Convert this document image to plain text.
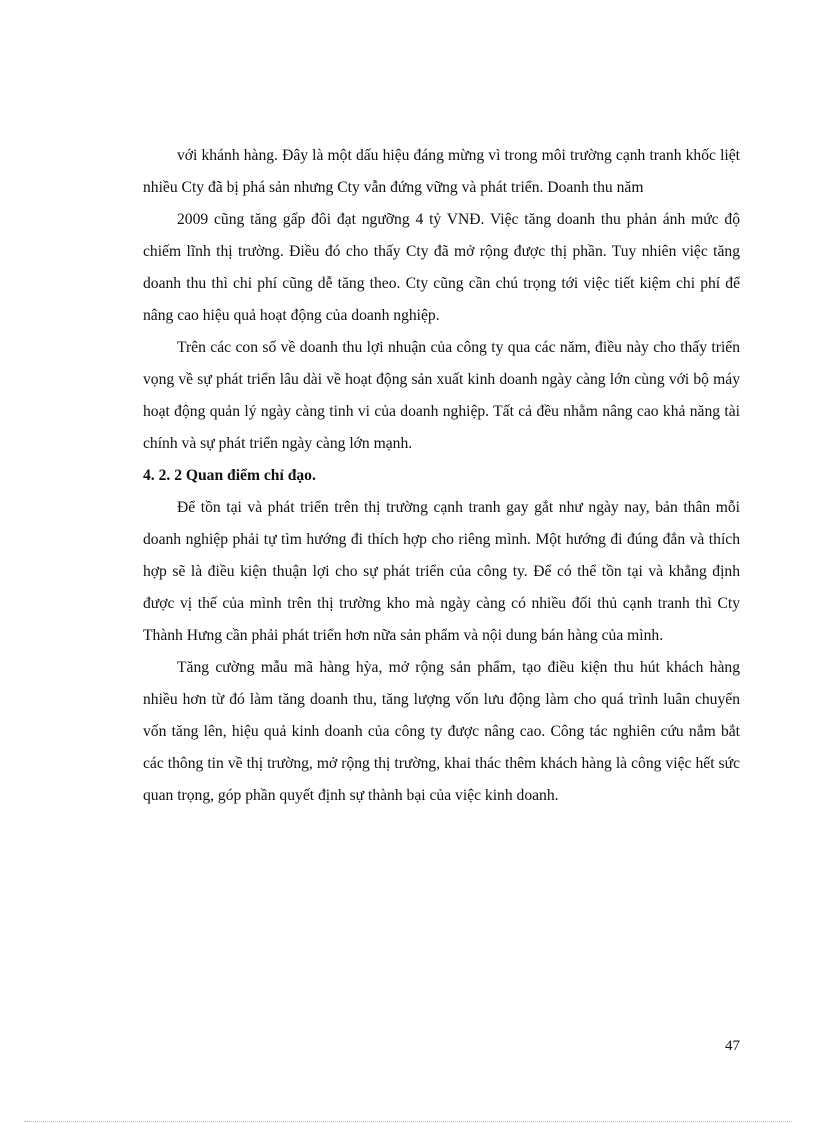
với khánh hàng. Đây là một dấu hiệu đáng mừng vì trong môi trường cạnh tranh khốc liệt nhiều Cty đã bị phá sản nhưng Cty vẫn đứng vững và phát triển. Doanh thu năm

2009 cũng tăng gấp đôi đạt ngưỡng 4 tỷ VNĐ. Việc tăng doanh thu phản ánh mức độ chiếm lĩnh thị trường. Điều đó cho thấy Cty đã mở rộng được thị phần. Tuy nhiên việc tăng doanh thu thì chi phí cũng dễ tăng theo. Cty cũng cần chú trọng tới việc tiết kiệm chi phí để nâng cao hiệu quả hoạt động của doanh nghiệp.

Trên các con số về doanh thu lợi nhuận của công ty qua các năm, điều này cho thấy triển vọng về sự phát triển lâu dài về hoạt động sản xuất kinh doanh ngày càng lớn cùng với bộ máy hoạt động quản lý ngày càng tinh vi của doanh nghiệp. Tất cả đều nhằm nâng cao khả năng tài chính và sự phát triển ngày càng lớn mạnh.

4. 2. 2 Quan điểm chỉ đạo.

Để tồn tại và phát triển trên thị trường cạnh tranh gay gắt như ngày nay, bản thân mỗi doanh nghiệp phải tự tìm hướng đi thích hợp cho riêng mình. Một hướng đi đúng đắn và thích hợp sẽ là điều kiện thuận lợi cho sự phát triển của công ty. Để có thể tồn tại và khẳng định được vị thế của mình trên thị trường kho mà ngày càng có nhiều đối thủ cạnh tranh thì Cty Thành Hưng cần phải phát triển hơn nữa sản phẩm và nội dung bán hàng của mình.

Tăng cường mẫu mã hàng hỳa, mở rộng sản phẩm, tạo điều kiện thu hút khách hàng nhiều hơn từ đó làm tăng doanh thu, tăng lượng vốn lưu động làm cho quá trình luân chuyển vốn tăng lên, hiệu quả kinh doanh của công ty được nâng cao. Công tác nghiên cứu nắm bắt các thông tin về thị trường, mở rộng thị trường, khai thác thêm khách hàng là công việc hết sức quan trọng, góp phần quyết định sự thành bại của việc kinh doanh.

47
